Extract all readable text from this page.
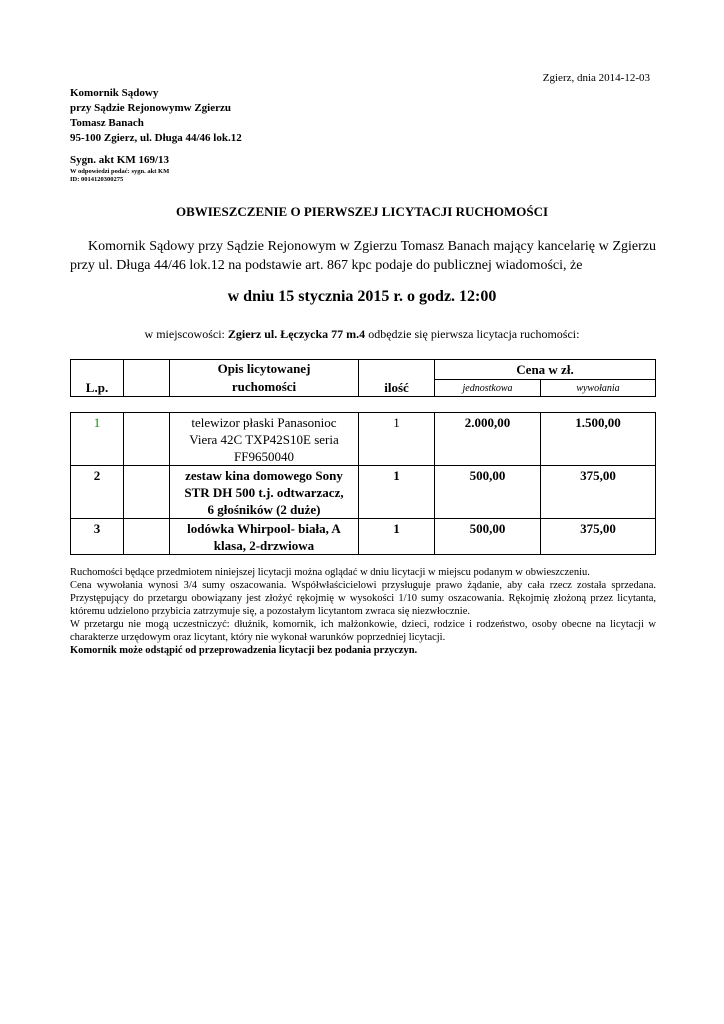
Zgierz, dnia 2014-12-03
Komornik Sądowy
przy Sądzie Rejonowymw Zgierzu
Tomasz Banach
95-100 Zgierz, ul. Długa 44/46 lok.12
Sygn. akt KM 169/13
W odpowiedzi podać: sygn. akt KM
ID: 0014120300275
OBWIESZCZENIE O PIERWSZEJ LICYTACJI RUCHOMOŚCI
Komornik Sądowy przy Sądzie Rejonowym w Zgierzu Tomasz Banach mający kancelarię w Zgierzu przy ul. Długa 44/46 lok.12 na podstawie art. 867 kpc podaje do publicznej wiadomości, że
w dniu 15 stycznia 2015 r. o godz. 12:00
w miejscowości: Zgierz ul. Łęczycka 77 m.4 odbędzie się pierwsza licytacja ruchomości:
L.p.		Opis licytowanej
ruchomości	ilość	Cena w zł.	
				jednostkowa	wywołania
1		telewizor płaski Panasonioc
Viera 42C TXP42S10E seria
FF9650040	1	2.000,00	1.500,00
2		zestaw kina domowego Sony
STR DH 500 t.j. odtwarzacz,
6 głośników (2 duże)	1	500,00	375,00
3		lodówka Whirpool- biała, A
klasa, 2-drzwiowa	1	500,00	375,00

Ruchomości będące przedmiotem niniejszej licytacji można oglądać w dniu licytacji w miejscu podanym w obwieszczeniu.

Cena wywołania wynosi 3/4 sumy oszacowania. Współwłaścicielowi przysługuje prawo żądanie, aby cała rzecz została sprzedana. Przystępujący do przetargu obowiązany jest złożyć rękojmię w wysokości 1/10 sumy oszacowania. Rękojmię złożoną przez licytanta, któremu udzielono przybicia zatrzymuje się, a pozostałym licytantom zwraca się niezwłocznie.

W przetargu nie mogą uczestniczyć: dłużnik, komornik, ich małżonkowie, dzieci, rodzice i rodzeństwo, osoby obecne na licytacji w charakterze urzędowym oraz licytant, który nie wykonał warunków poprzedniej licytacji.

Komornik może odstąpić od przeprowadzenia licytacji bez podania przyczyn.
